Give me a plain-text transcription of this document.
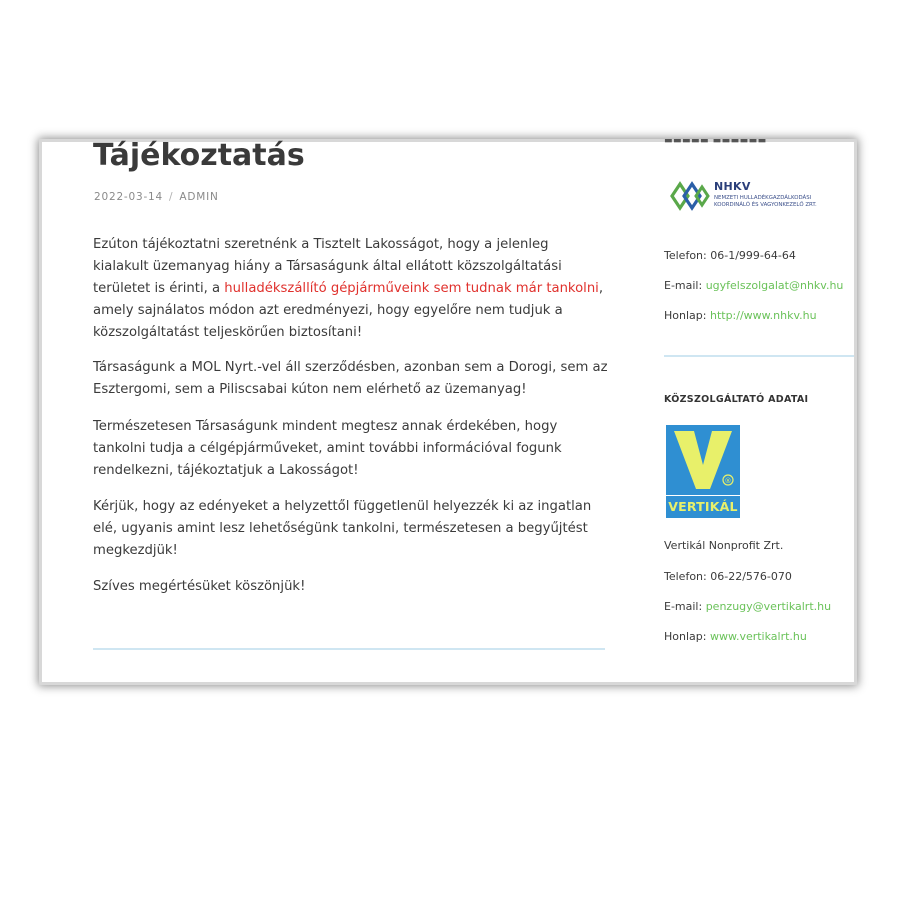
Tájékoztatás
2022-03-14 / ADMIN

Ezúton tájékoztatni szeretnénk a Tisztelt Lakosságot, hogy a jelenleg kialakult üzemanyag hiány a Társaságunk által ellátott közszolgáltatási területet is érinti, a hulladékszállító gépjárműveink sem tudnak már tankolni, amely sajnálatos módon azt eredményezi, hogy egyelőre nem tudjuk a közszolgáltatást teljeskörűen biztosítani!

Társaságunk a MOL Nyrt.-vel áll szerződésben, azonban sem a Dorogi, sem az Esztergomi, sem a Piliscsabai kúton nem elérhető az üzemanyag!

Természetesen Társaságunk mindent megtesz annak érdekében, hogy tankolni tudja a célgépjárműveket, amint további információval fogunk rendelkezni, tájékoztatjuk a Lakosságot!

Kérjük, hogy az edényeket a helyzettől függetlenül helyezzék ki az ingatlan elé, ugyanis amint lesz lehetőségünk tankolni, természetesen a begyűjtést megkezdjük!

Szíves megértésüket köszönjük!

▬▬▬▬▬ ▬▬▬▬▬▬
NHKV
NEMZETI HULLADÉKGAZDÁLKODÁSI KOORDINÁLÓ ÉS VAGYONKEZELŐ ZRT.
Telefon: 06-1/999-64-64
E-mail: ugyfelszolgalat@nhkv.hu
Honlap: http://www.nhkv.hu
KÖZSZOLGÁLTATÓ ADATAI
®
VERTIKÁL
Vertikál Nonprofit Zrt.
Telefon: 06-22/576-070
E-mail: penzugy@vertikalrt.hu
Honlap: www.vertikalrt.hu
